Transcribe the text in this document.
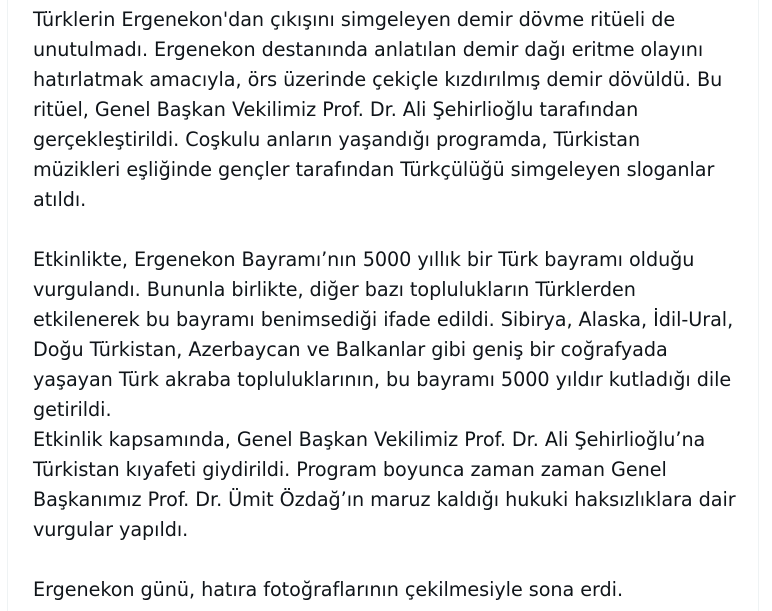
Türklerin Ergenekon'dan çıkışını simgeleyen demir dövme ritüeli de
unutulmadı. Ergenekon destanında anlatılan demir dağı eritme olayını
hatırlatmak amacıyla, örs üzerinde çekiçle kızdırılmış demir dövüldü. Bu
ritüel, Genel Başkan Vekilimiz Prof. Dr. Ali Şehirlioğlu tarafından
gerçekleştirildi. Coşkulu anların yaşandığı programda, Türkistan
müzikleri eşliğinde gençler tarafından Türkçülüğü simgeleyen sloganlar
atıldı.
Etkinlikte, Ergenekon Bayramı’nın 5000 yıllık bir Türk bayramı olduğu
vurgulandı. Bununla birlikte, diğer bazı toplulukların Türklerden
etkilenerek bu bayramı benimsediği ifade edildi. Sibirya, Alaska, İdil-Ural,
Doğu Türkistan, Azerbaycan ve Balkanlar gibi geniş bir coğrafyada
yaşayan Türk akraba topluluklarının, bu bayramı 5000 yıldır kutladığı dile
getirildi.
Etkinlik kapsamında, Genel Başkan Vekilimiz Prof. Dr. Ali Şehirlioğlu’na
Türkistan kıyafeti giydirildi. Program boyunca zaman zaman Genel
Başkanımız Prof. Dr. Ümit Özdağ’ın maruz kaldığı hukuki haksızlıklara dair
vurgular yapıldı.
Ergenekon günü, hatıra fotoğraflarının çekilmesiyle sona erdi.
